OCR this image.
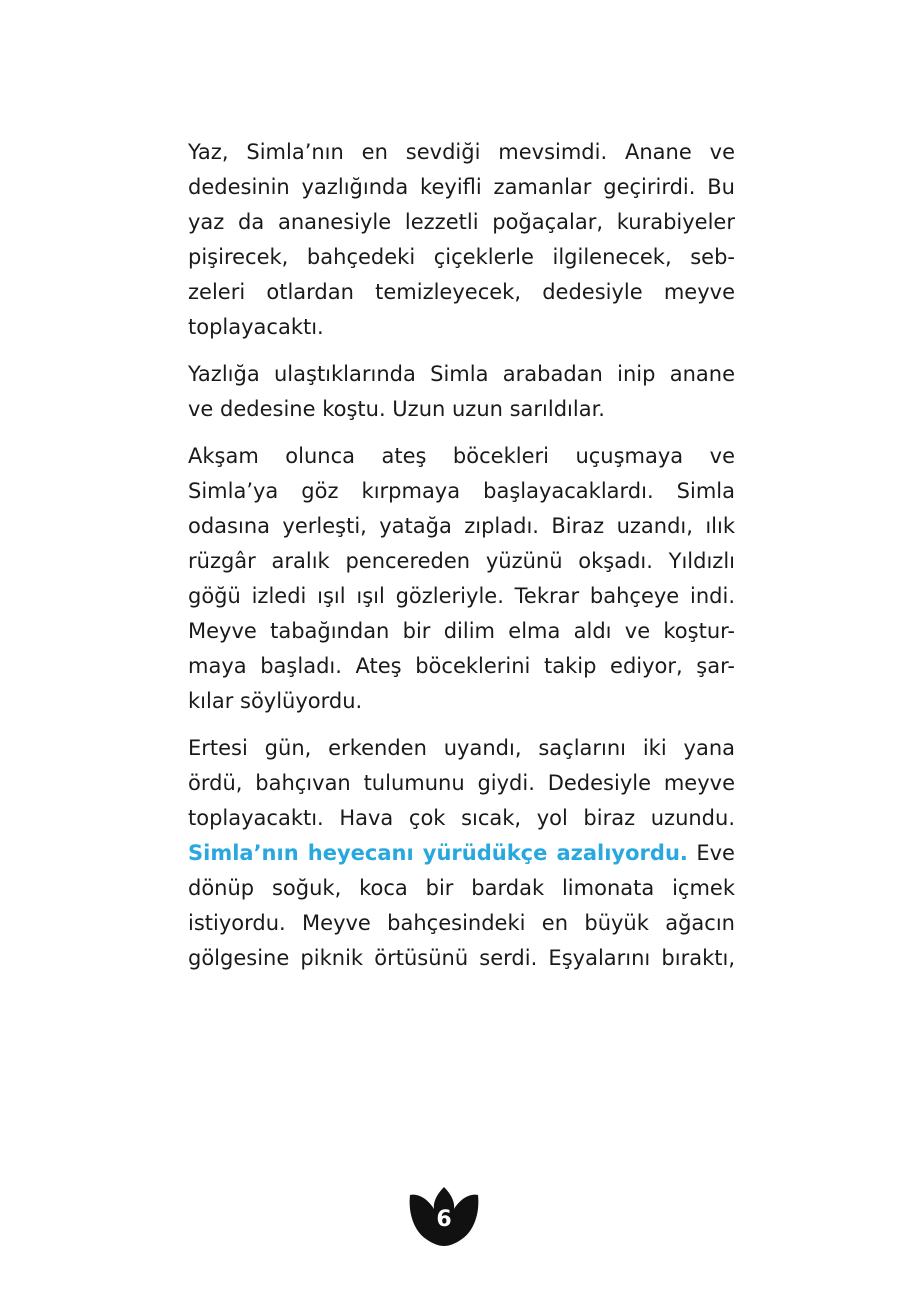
Yaz, Simla’nın en sevdiği mevsimdi. Anane ve
dedesinin yazlığında keyifli zamanlar geçirirdi. Bu
yaz da ananesiyle lezzetli poğaçalar, kurabiyeler
pişirecek, bahçedeki çiçeklerle ilgilenecek, seb-
zeleri otlardan temizleyecek, dedesiyle meyve
toplayacaktı.
Yazlığa ulaştıklarında Simla arabadan inip anane
ve dedesine koştu. Uzun uzun sarıldılar.
Akşam olunca ateş böcekleri uçuşmaya ve
Simla’ya göz kırpmaya başlayacaklardı. Simla
odasına yerleşti, yatağa zıpladı. Biraz uzandı, ılık
rüzgâr aralık pencereden yüzünü okşadı. Yıldızlı
göğü izledi ışıl ışıl gözleriyle. Tekrar bahçeye indi.
Meyve tabağından bir dilim elma aldı ve koştur-
maya başladı. Ateş böceklerini takip ediyor, şar-
kılar söylüyordu.
Ertesi gün, erkenden uyandı, saçlarını iki yana
ördü, bahçıvan tulumunu giydi. Dedesiyle meyve
toplayacaktı. Hava çok sıcak, yol biraz uzundu.
Simla’nın heyecanı yürüdükçe azalıyordu. Eve
dönüp soğuk, koca bir bardak limonata içmek
istiyordu. Meyve bahçesindeki en büyük ağacın
gölgesine piknik örtüsünü serdi. Eşyalarını bıraktı,
6
